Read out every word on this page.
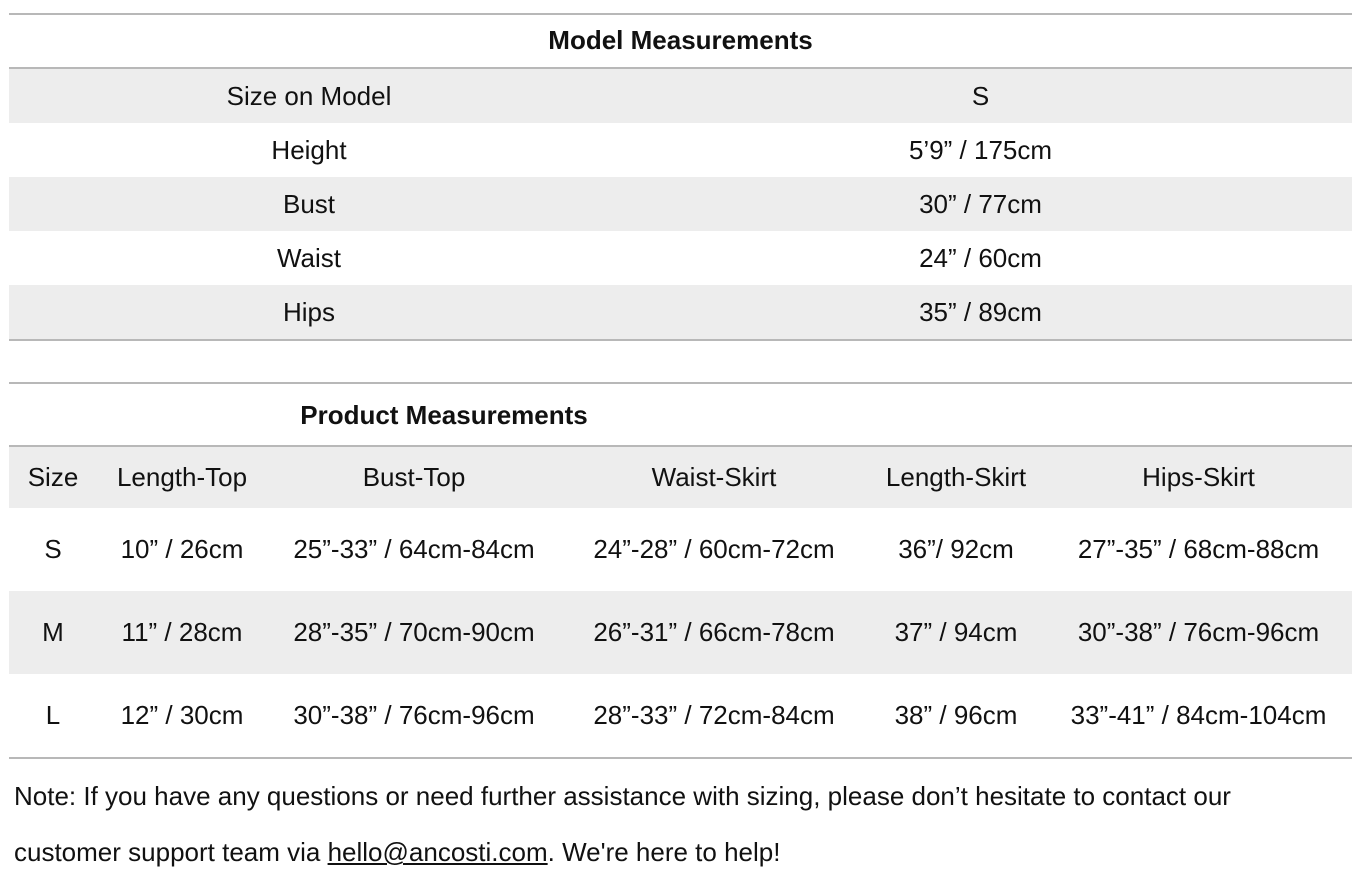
Model Measurements
Size on Model	S
Height	5’9” / 175cm
Bust	30” / 77cm
Waist	24” / 60cm
Hips	35” / 89cm
Product Measurements
Size	Length-Top	Bust-Top	Waist-Skirt	Length-Skirt	Hips-Skirt
S	10” / 26cm	25”-33” / 64cm-84cm	24”-28” / 60cm-72cm	36”/ 92cm	27”-35” / 68cm-88cm
M	11” / 28cm	28”-35” / 70cm-90cm	26”-31” / 66cm-78cm	37” / 94cm	30”-38” / 76cm-96cm
L	12” / 30cm	30”-38” / 76cm-96cm	28”-33” / 72cm-84cm	38” / 96cm	33”-41” / 84cm-104cm
Note: If you have any questions or need further assistance with sizing, please don’t hesitate to contact our
customer support team via hello@ancosti.com. We're here to help!
